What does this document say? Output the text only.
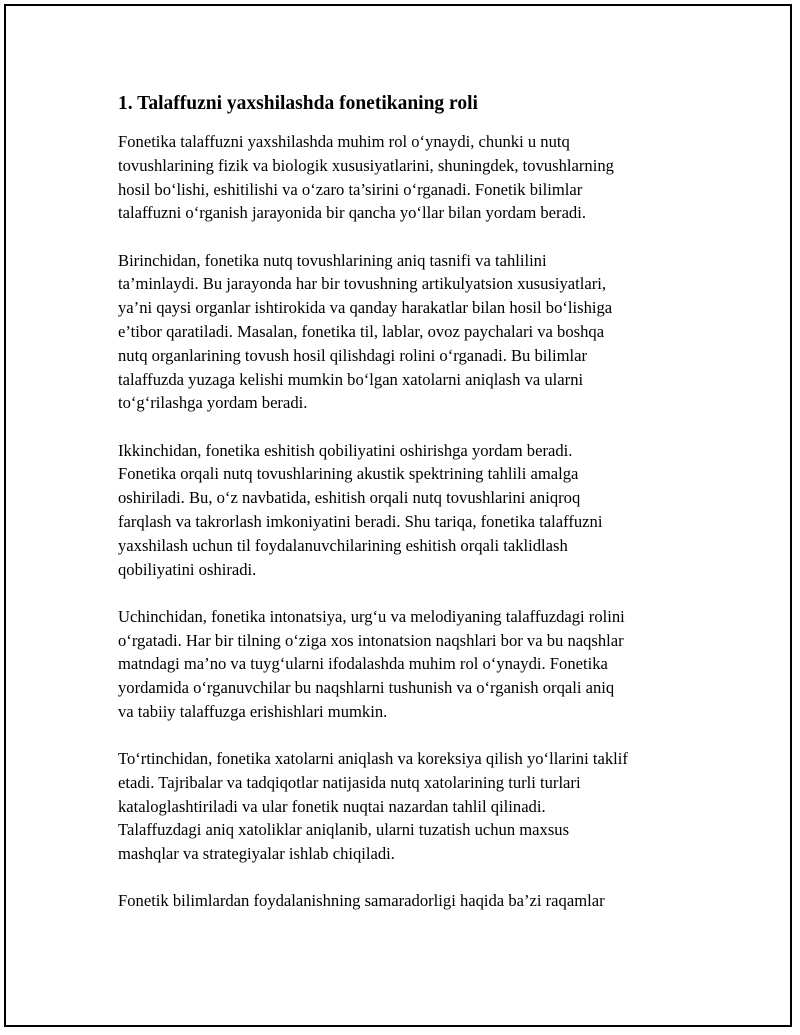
1. Talaffuzni yaxshilashda fonetikaning roli

Fonetika talaffuzni yaxshilashda muhim rol o‘ynaydi, chunki u nutq
tovushlarining fizik va biologik xususiyatlarini, shuningdek, tovushlarning
hosil bo‘lishi, eshitilishi va o‘zaro ta’sirini o‘rganadi. Fonetik bilimlar
talaffuzni o‘rganish jarayonida bir qancha yo‘llar bilan yordam beradi.

Birinchidan, fonetika nutq tovushlarining aniq tasnifi va tahlilini
ta’minlaydi. Bu jarayonda har bir tovushning artikulyatsion xususiyatlari,
ya’ni qaysi organlar ishtirokida va qanday harakatlar bilan hosil bo‘lishiga
e’tibor qaratiladi. Masalan, fonetika til, lablar, ovoz paychalari va boshqa
nutq organlarining tovush hosil qilishdagi rolini o‘rganadi. Bu bilimlar
talaffuzda yuzaga kelishi mumkin bo‘lgan xatolarni aniqlash va ularni
to‘g‘rilashga yordam beradi.

Ikkinchidan, fonetika eshitish qobiliyatini oshirishga yordam beradi.
Fonetika orqali nutq tovushlarining akustik spektrining tahlili amalga
oshiriladi. Bu, o‘z navbatida, eshitish orqali nutq tovushlarini aniqroq
farqlash va takrorlash imkoniyatini beradi. Shu tariqa, fonetika talaffuzni
yaxshilash uchun til foydalanuvchilarining eshitish orqali taklidlash
qobiliyatini oshiradi.

Uchinchidan, fonetika intonatsiya, urg‘u va melodiyaning talaffuzdagi rolini
o‘rgatadi. Har bir tilning o‘ziga xos intonatsion naqshlari bor va bu naqshlar
matndagi ma’no va tuyg‘ularni ifodalashda muhim rol o‘ynaydi. Fonetika
yordamida o‘rganuvchilar bu naqshlarni tushunish va o‘rganish orqali aniq
va tabiiy talaffuzga erishishlari mumkin.

To‘rtinchidan, fonetika xatolarni aniqlash va koreksiya qilish yo‘llarini taklif
etadi. Tajribalar va tadqiqotlar natijasida nutq xatolarining turli turlari
kataloglashtiriladi va ular fonetik nuqtai nazardan tahlil qilinadi.
Talaffuzdagi aniq xatoliklar aniqlanib, ularni tuzatish uchun maxsus
mashqlar va strategiyalar ishlab chiqiladi.

Fonetik bilimlardan foydalanishning samaradorligi haqida ba’zi raqamlar
